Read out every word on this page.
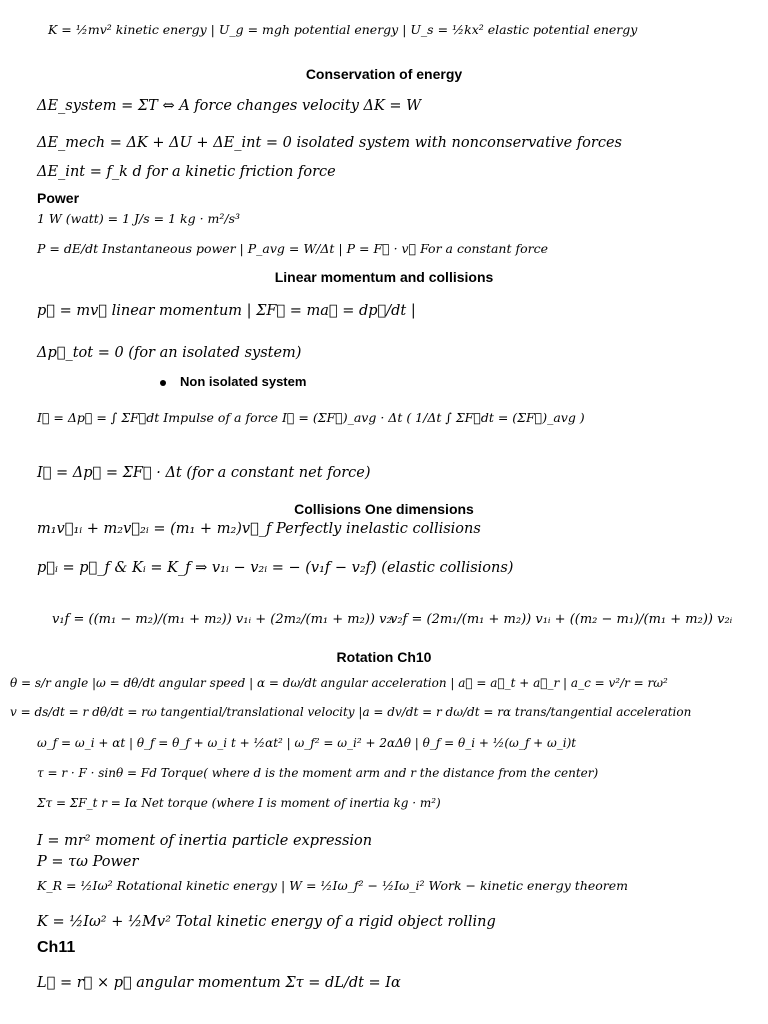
K = ½mv² kinetic energy | U_g = mgh potential energy | U_s = ½kx² elastic potential energy
Conservation of energy
ΔE_system = ΣT ⇔ A force changes velocity ΔK = W
ΔE_mech = ΔK + ΔU + ΔE_int = 0 isolated system with nonconservative forces
ΔE_int = f_k d for a kinetic friction force
Power
1 W (watt) = 1 J/s = 1 kg · m²/s³
P = dE/dt Instantaneous power | P_avg = W/Δt | P = F⃗ · v⃗ For a constant force
Linear momentum and collisions
p⃗ = mv⃗ linear momentum | ΣF⃗ = ma⃗ = dp⃗/dt |
Δp⃗_tot = 0 (for an isolated system)
Non isolated system
I⃗ = Δp⃗ = ∫ ΣF⃗dt Impulse of a force I⃗ = (ΣF⃗)_avg · Δt ( 1/Δt ∫ ΣF⃗dt = (ΣF⃗)_avg )
I⃗ = Δp⃗ = ΣF⃗ · Δt (for a constant net force)
Collisions One dimensions
m₁v⃗₁ᵢ + m₂v⃗₂ᵢ = (m₁ + m₂)v⃗_f Perfectly inelastic collisions
p⃗ᵢ = p⃗_f & Kᵢ = K_f ⇒ v₁ᵢ − v₂ᵢ = − (v₁f − v₂f) (elastic collisions)
v₁f = ((m₁ − m₂)/(m₁ + m₂)) v₁ᵢ + (2m₂/(m₁ + m₂)) v₂ᵢ
v₂f = (2m₁/(m₁ + m₂)) v₁ᵢ + ((m₂ − m₁)/(m₁ + m₂)) v₂ᵢ
Rotation Ch10
θ = s/r angle |ω = dθ/dt angular speed | α = dω/dt angular acceleration | a⃗ = a⃗_t + a⃗_r | a_c = v²/r = rω²
v = ds/dt = r dθ/dt = rω tangential/translational velocity |a = dv/dt = r dω/dt = rα trans/tangential acceleration
ω_f = ω_i + αt | θ_f = θ_f + ω_i t + ½αt² | ω_f² = ω_i² + 2αΔθ | θ_f = θ_i + ½(ω_f + ω_i)t
τ = r · F · sinθ = Fd Torque( where d is the moment arm and r the distance from the center)
Στ = ΣF_t r = Iα Net torque (where I is moment of inertia kg · m²)
I = mr² moment of inertia particle expression
P = τω Power
K_R = ½Iω² Rotational kinetic energy | W = ½Iω_f² − ½Iω_i² Work − kinetic energy theorem
K = ½Iω² + ½Mv² Total kinetic energy of a rigid object rolling
Ch11
L⃗ = r⃗ × p⃗ angular momentum Στ = dL/dt = Iα
